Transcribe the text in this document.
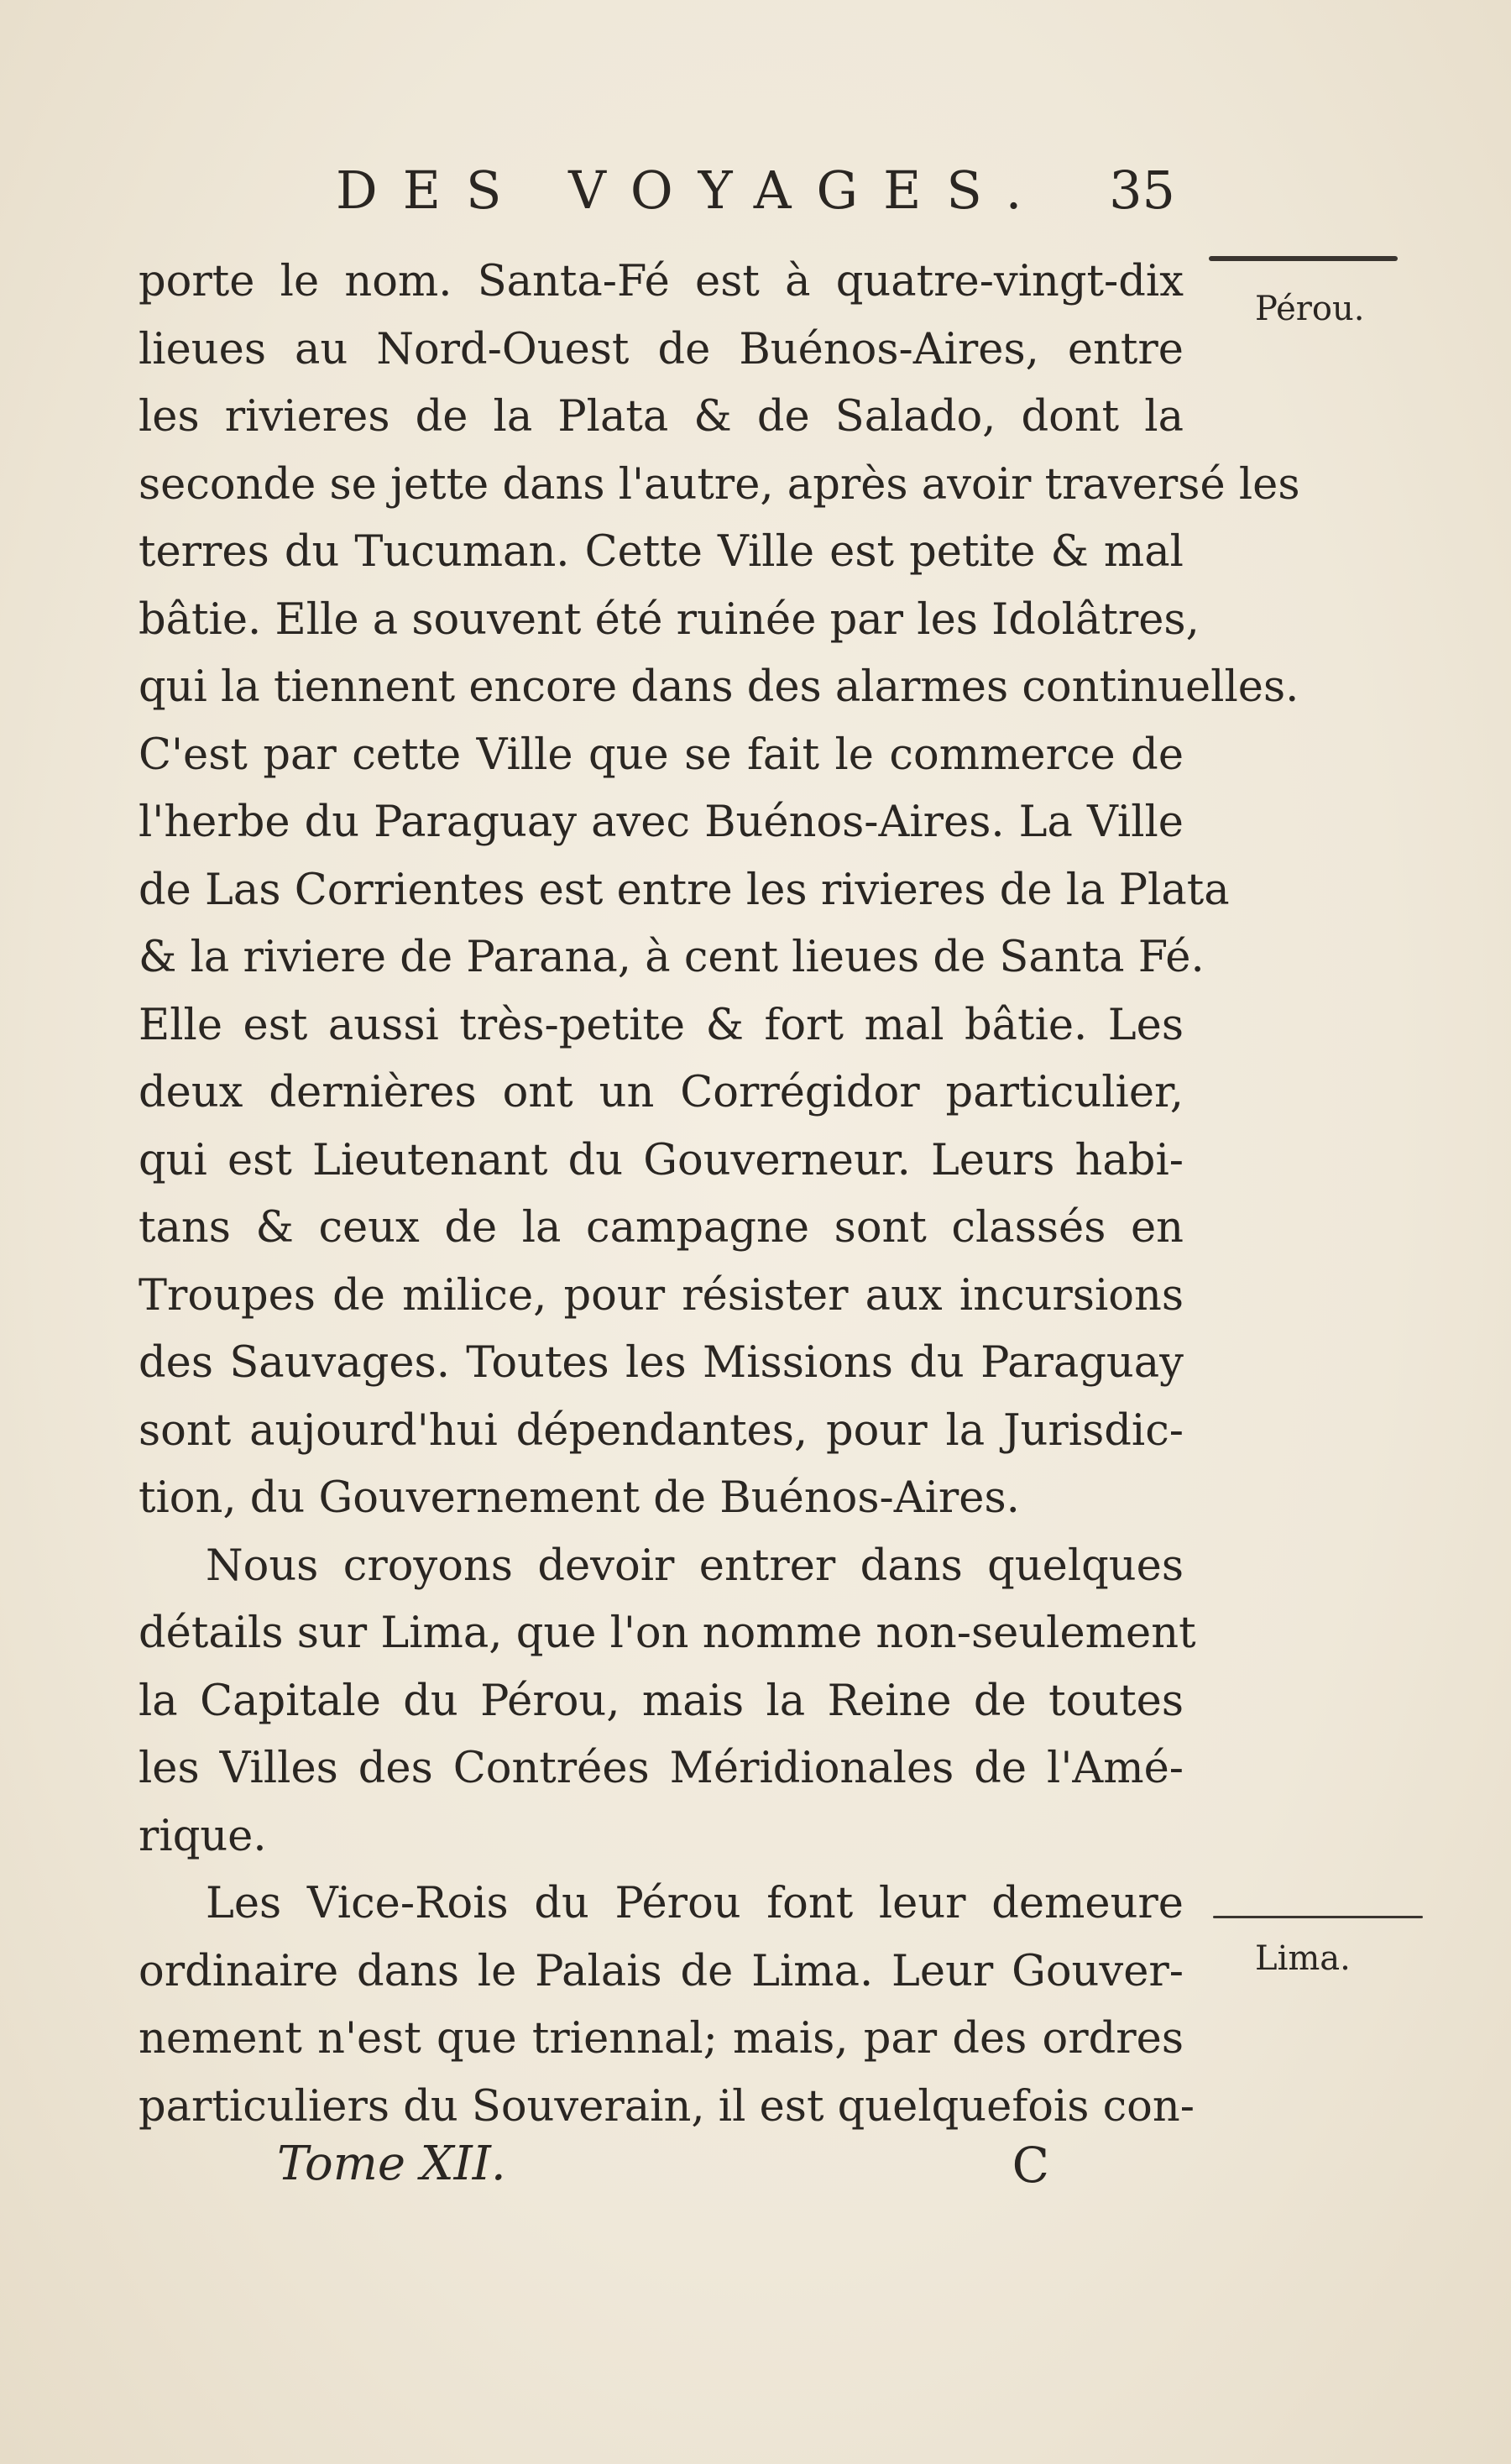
DES VOYAGES. 35
Pérou.
Lima.
porte le nom. Santa-Fé est à quatre-vingt-dix
lieues au Nord-Ouest de Buénos-Aires, entre
les rivieres de la Plata & de Salado, dont la
seconde se jette dans l'autre, après avoir traversé les
terres du Tucuman. Cette Ville est petite & mal
bâtie. Elle a souvent été ruinée par les Idolâtres,
qui la tiennent encore dans des alarmes continuelles.
C'est par cette Ville que se fait le commerce de
l'herbe du Paraguay avec Buénos-Aires. La Ville
de Las Corrientes est entre les rivieres de la Plata
& la riviere de Parana, à cent lieues de Santa Fé.
Elle est aussi très-petite & fort mal bâtie. Les
deux dernières ont un Corrégidor particulier,
qui est Lieutenant du Gouverneur. Leurs habi-
tans & ceux de la campagne sont classés en
Troupes de milice, pour résister aux incursions
des Sauvages. Toutes les Missions du Paraguay
sont aujourd'hui dépendantes, pour la Jurisdic-
tion, du Gouvernement de Buénos-Aires.
Nous croyons devoir entrer dans quelques
détails sur Lima, que l'on nomme non-seulement
la Capitale du Pérou, mais la Reine de toutes
les Villes des Contrées Méridionales de l'Amé-
rique.
Les Vice-Rois du Pérou font leur demeure
ordinaire dans le Palais de Lima. Leur Gouver-
nement n'est que triennal; mais, par des ordres
particuliers du Souverain, il est quelquefois con-
Tome XII.	C
